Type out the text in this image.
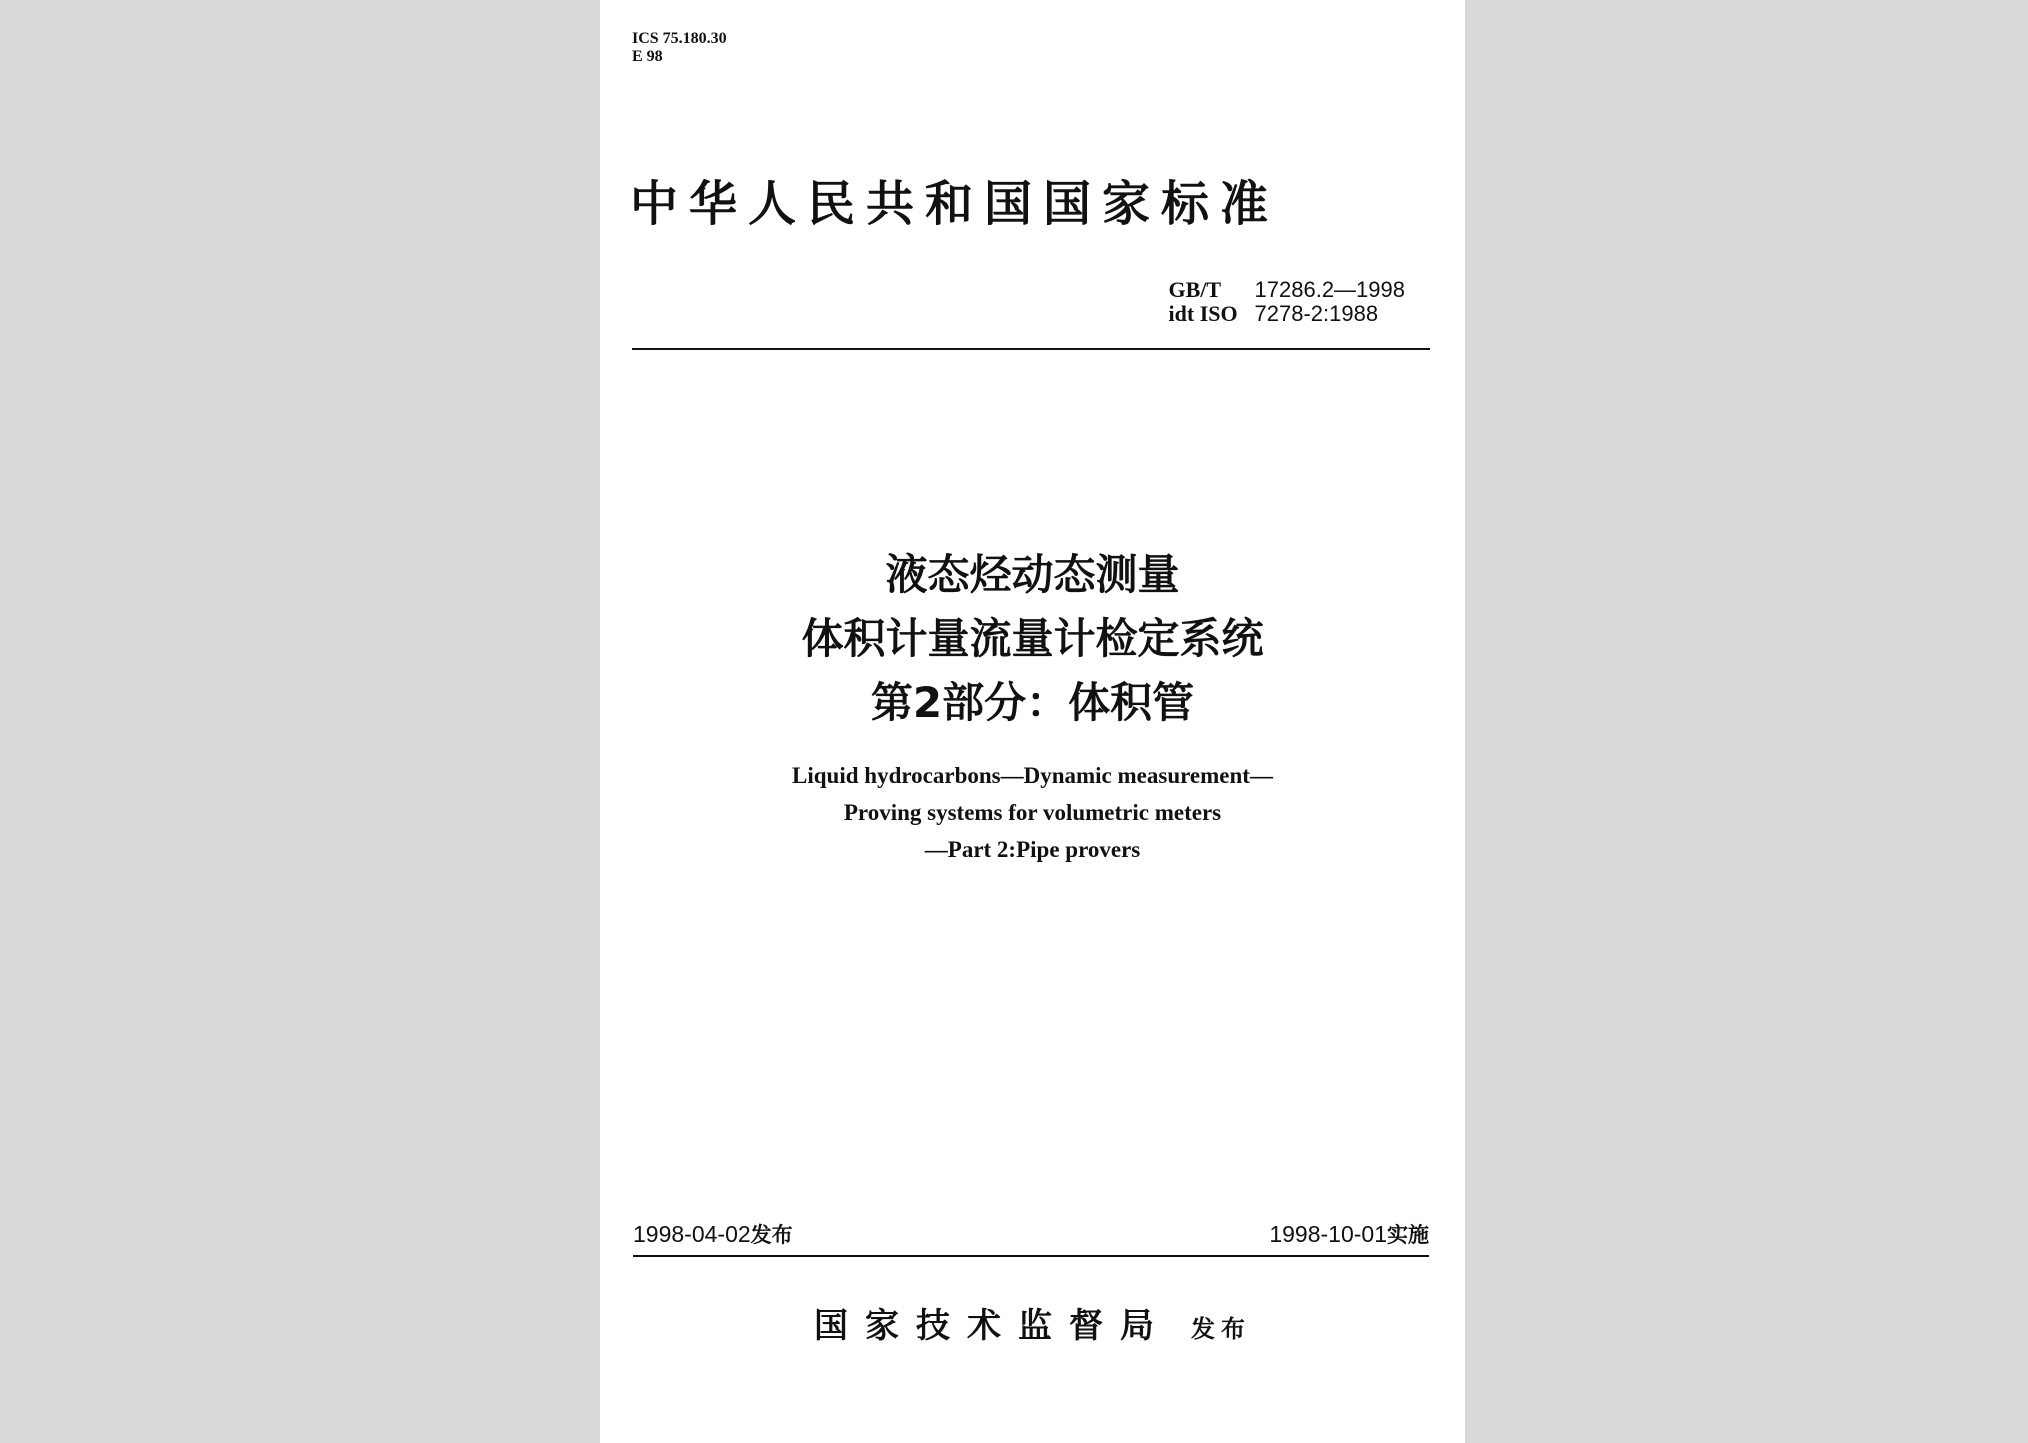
ICS 75.180.30
E 98
中华人民共和国国家标准
GB/T 17286.2—1998
idt ISO 7278-2:1988
液态烃动态测量
体积计量流量计检定系统
第2部分：体积管
Liquid hydrocarbons—Dynamic measurement—
Proving systems for volumetric meters
—Part 2:Pipe provers
1998-04-02发布	1998-10-01实施
国家技术监督局 发布
